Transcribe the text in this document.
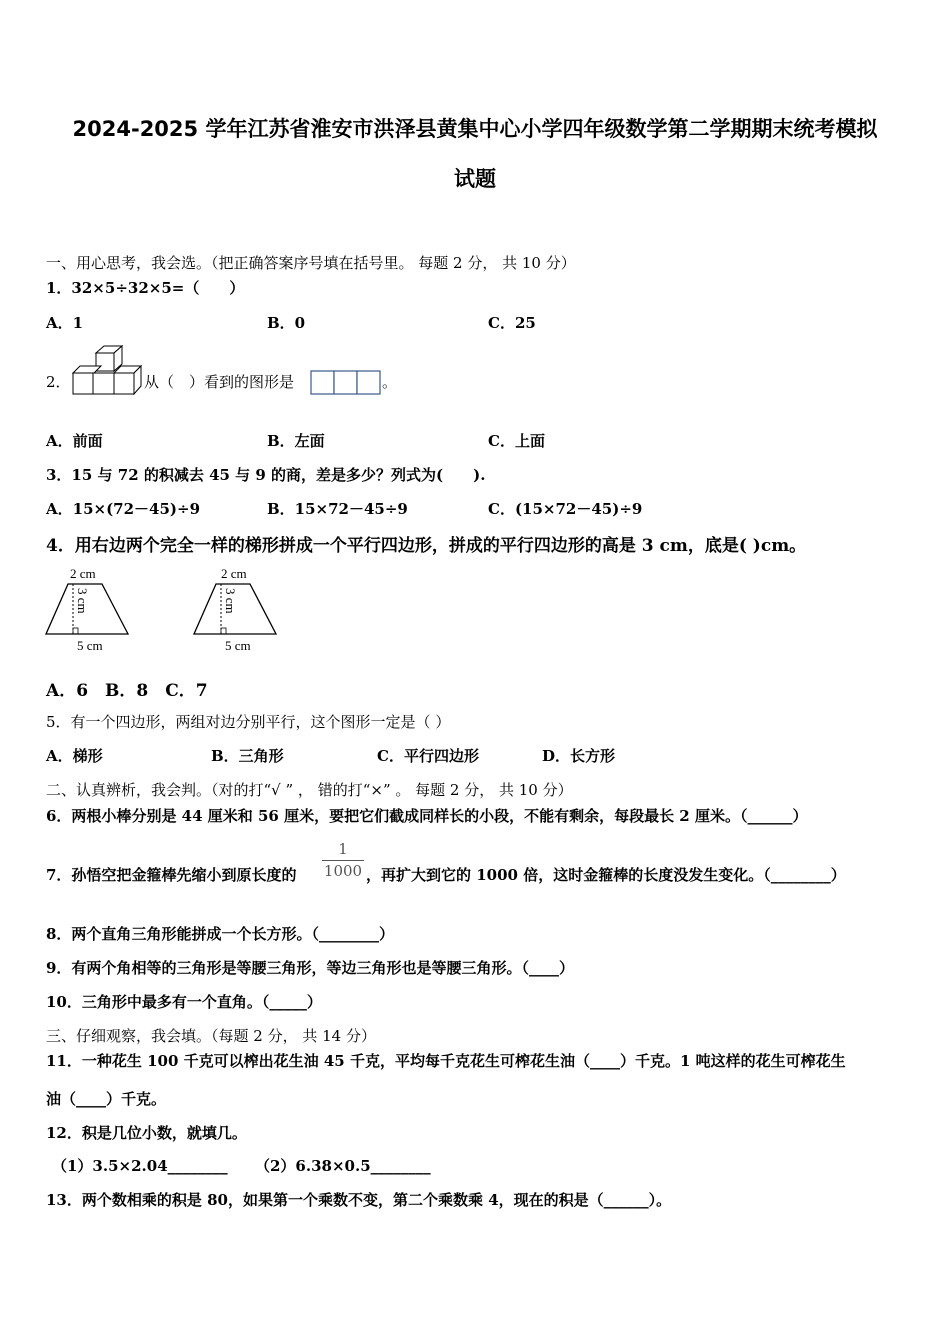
2024-2025 学年江苏省淮安市洪泽县黄集中心小学四年级数学第二学期期末统考模拟
试题
一、用心思考，我会选。（把正确答案序号填在括号里。 每题 2 分， 共 10 分）
1．32×5÷32×5=（　　）
A．1	B．0	C．25
2．	从（　）看到的图形是	。
A．前面	B．左面	C．上面
3．15 与 72 的积减去 45 与 9 的商，差是多少？列式为(　　).
A．15×(72－45)÷9	B．15×72－45÷9	C．(15×72－45)÷9
4．用右边两个完全一样的梯形拼成一个平行四边形，拼成的平行四边形的高是 3 cm，底是( )cm。
2 cm
3 cm
5 cm
2 cm
3 cm
5 cm
A．6　B．8　C．7
5．有一个四边形，两组对边分别平行，这个图形一定是（ ）
A．梯形	B．三角形	C．平行四边形	D．长方形
二、认真辨析，我会判。（对的打“√ ” ， 错的打“×” 。 每题 2 分， 共 10 分）
6．两根小棒分别是 44 厘米和 56 厘米，要把它们截成同样长的小段，不能有剩余，每段最长 2 厘米。（______）
7．孙悟空把金箍棒先缩小到原长度的
1
1000 ，再扩大到它的 1000 倍，这时金箍棒的长度没发生变化。（________）
8．两个直角三角形能拼成一个长方形。（________）
9．有两个角相等的三角形是等腰三角形，等边三角形也是等腰三角形。（____）
10．三角形中最多有一个直角。（_____）
三、仔细观察，我会填。（每题 2 分， 共 14 分）
11．一种花生 100 千克可以榨出花生油 45 千克，平均每千克花生可榨花生油（____）千克。1 吨这样的花生可榨花生
油（____）千克。
12．积是几位小数，就填几。
（1）3.5×2.04________ （2）6.38×0.5________
13．两个数相乘的积是 80，如果第一个乘数不变，第二个乘数乘 4，现在的积是（______）。
